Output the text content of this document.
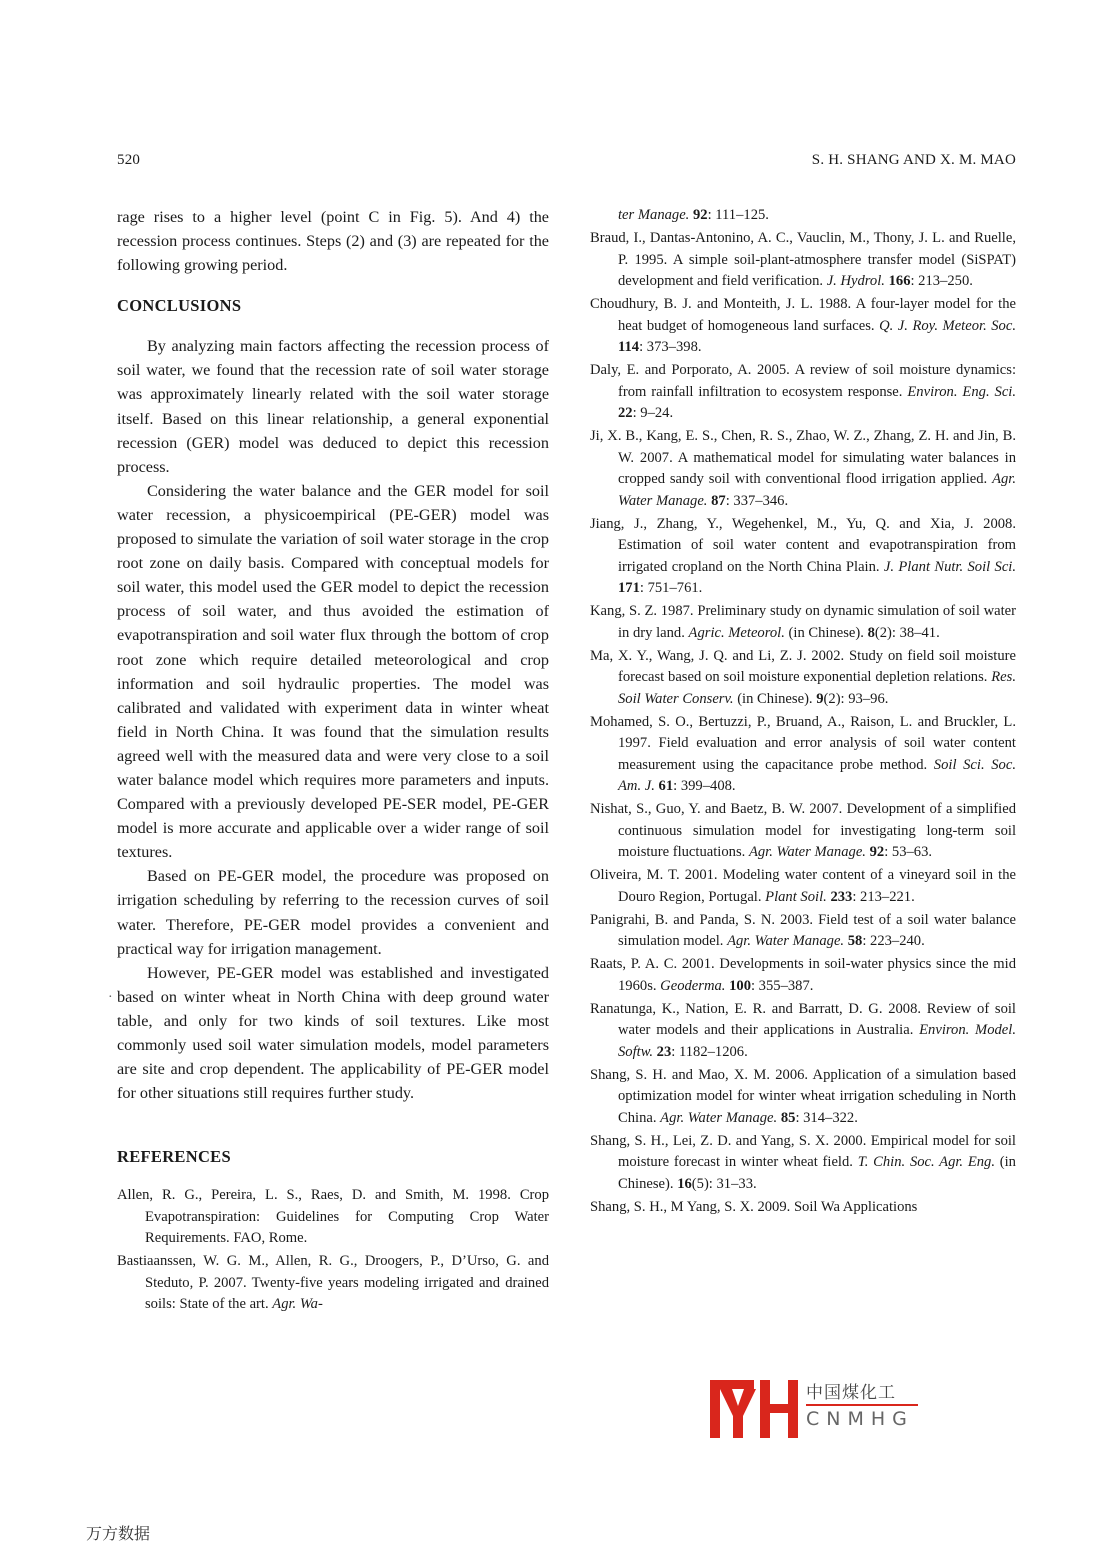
520	S. H. SHANG AND X. M. MAO

rage rises to a higher level (point C in Fig. 5). And 4) the recession process continues. Steps (2) and (3) are repeated for the following growing period.

CONCLUSIONS

By analyzing main factors affecting the recession process of soil water, we found that the recession rate of soil water storage was approximately linearly related with the soil water storage itself. Based on this linear relationship, a general exponential recession (GER) model was deduced to depict this recession process.

Considering the water balance and the GER model for soil water recession, a physicoempirical (PE-GER) model was proposed to simulate the variation of soil water storage in the crop root zone on daily basis. Compared with conceptual models for soil water, this model used the GER model to depict the recession process of soil water, and thus avoided the estimation of evapotranspiration and soil water flux through the bottom of crop root zone which require detailed meteorological and crop information and soil hydraulic properties. The model was calibrated and validated with experiment data in winter wheat field in North China. It was found that the simulation results agreed well with the measured data and were very close to a soil water balance model which requires more parameters and inputs. Compared with a previously developed PE-SER model, PE-GER model is more accurate and applicable over a wider range of soil textures.

Based on PE-GER model, the procedure was proposed on irrigation scheduling by referring to the recession curves of soil water. Therefore, PE-GER model provides a convenient and practical way for irrigation management.

However, PE-GER model was established and investigated based on winter wheat in North China with deep ground water table, and only for two kinds of soil textures. Like most commonly used soil water simulation models, model parameters are site and crop dependent. The applicability of PE-GER model for other situations still requires further study.

REFERENCES

Allen, R. G., Pereira, L. S., Raes, D. and Smith, M. 1998. Crop Evapotranspiration: Guidelines for Computing Crop Water Requirements. FAO, Rome.

Bastiaanssen, W. G. M., Allen, R. G., Droogers, P., D’Urso, G. and Steduto, P. 2007. Twenty-five years modeling irrigated and drained soils: State of the art. Agr. Wa-

·

ter Manage. 92: 111–125.

Braud, I., Dantas-Antonino, A. C., Vauclin, M., Thony, J. L. and Ruelle, P. 1995. A simple soil-plant-atmosphere transfer model (SiSPAT) development and field verification. J. Hydrol. 166: 213–250.

Choudhury, B. J. and Monteith, J. L. 1988. A four-layer model for the heat budget of homogeneous land surfaces. Q. J. Roy. Meteor. Soc. 114: 373–398.

Daly, E. and Porporato, A. 2005. A review of soil moisture dynamics: from rainfall infiltration to ecosystem response. Environ. Eng. Sci. 22: 9–24.

Ji, X. B., Kang, E. S., Chen, R. S., Zhao, W. Z., Zhang, Z. H. and Jin, B. W. 2007. A mathematical model for simulating water balances in cropped sandy soil with conventional flood irrigation applied. Agr. Water Manage. 87: 337–346.

Jiang, J., Zhang, Y., Wegehenkel, M., Yu, Q. and Xia, J. 2008. Estimation of soil water content and evapotranspiration from irrigated cropland on the North China Plain. J. Plant Nutr. Soil Sci. 171: 751–761.

Kang, S. Z. 1987. Preliminary study on dynamic simulation of soil water in dry land. Agric. Meteorol. (in Chinese). 8(2): 38–41.

Ma, X. Y., Wang, J. Q. and Li, Z. J. 2002. Study on field soil moisture forecast based on soil moisture exponential depletion relations. Res. Soil Water Conserv. (in Chinese). 9(2): 93–96.

Mohamed, S. O., Bertuzzi, P., Bruand, A., Raison, L. and Bruckler, L. 1997. Field evaluation and error analysis of soil water content measurement using the capacitance probe method. Soil Sci. Soc. Am. J. 61: 399–408.

Nishat, S., Guo, Y. and Baetz, B. W. 2007. Development of a simplified continuous simulation model for investigating long-term soil moisture fluctuations. Agr. Water Manage. 92: 53–63.

Oliveira, M. T. 2001. Modeling water content of a vineyard soil in the Douro Region, Portugal. Plant Soil. 233: 213–221.

Panigrahi, B. and Panda, S. N. 2003. Field test of a soil water balance simulation model. Agr. Water Manage. 58: 223–240.

Raats, P. A. C. 2001. Developments in soil-water physics since the mid 1960s. Geoderma. 100: 355–387.

Ranatunga, K., Nation, E. R. and Barratt, D. G. 2008. Review of soil water models and their applications in Australia. Environ. Model. Softw. 23: 1182–1206.

Shang, S. H. and Mao, X. M. 2006. Application of a simulation based optimization model for winter wheat irrigation scheduling in North China. Agr. Water Manage. 85: 314–322.

Shang, S. H., Lei, Z. D. and Yang, S. X. 2000. Empirical model for soil moisture forecast in winter wheat field. T. Chin. Soc. Agr. Eng. (in Chinese). 16(5): 31–33.

Shang, S. H., M Yang, S. X. 2009. Soil Wa Applications

中国煤化工
CNMHG
万方数据
